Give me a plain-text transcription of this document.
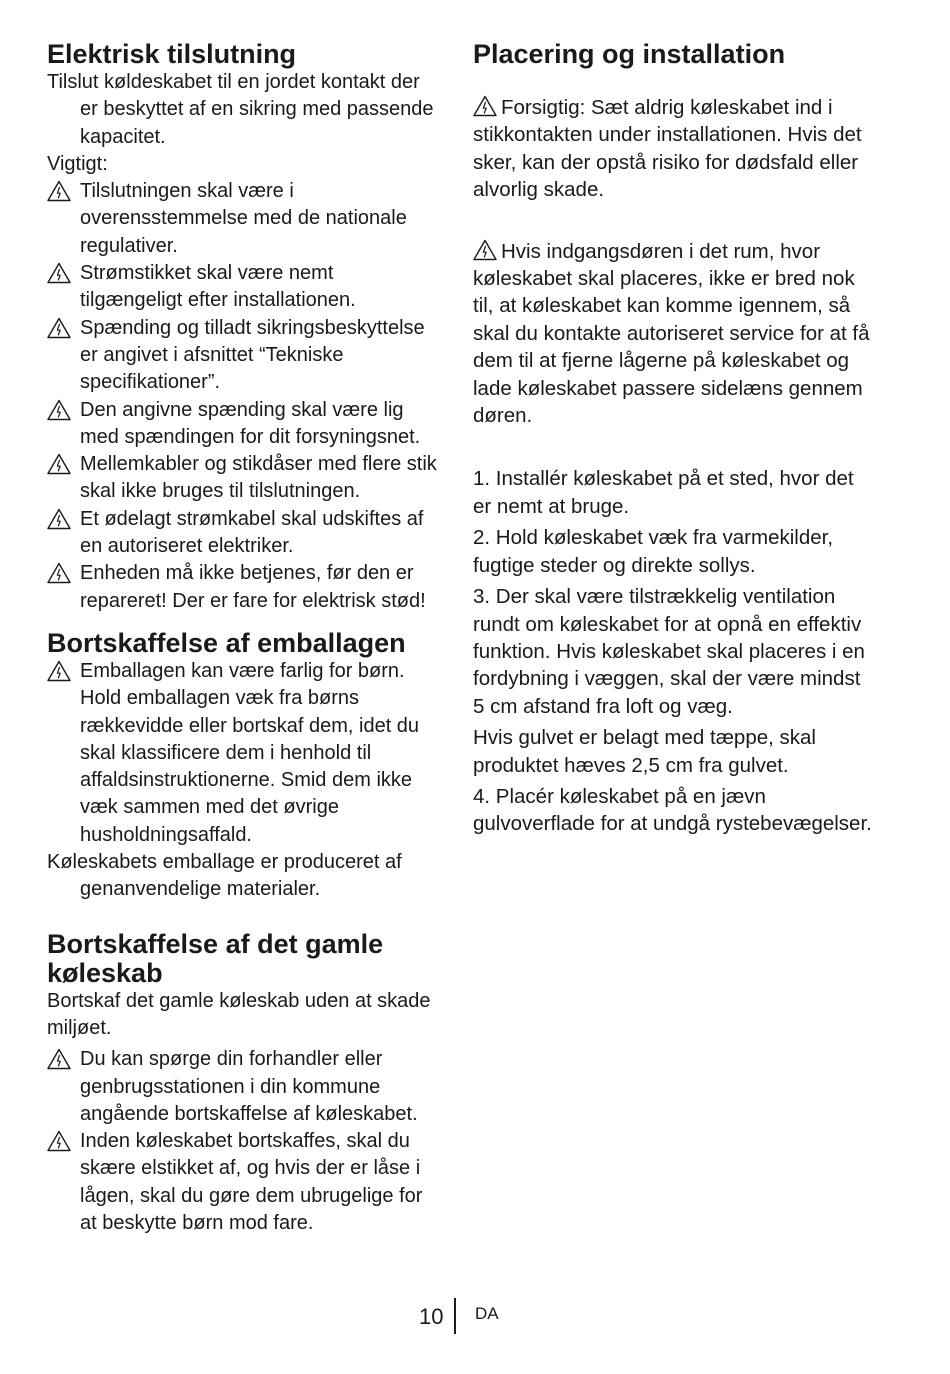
Elektrisk tilslutning

Tilslut køldeskabet til en jordet kontakt der er beskyttet af en sikring med passende kapacitet.

Vigtigt:

Tilslutningen skal være i overensstemmelse med de nationale regulativer.
Strømstikket skal være nemt tilgængeligt efter installationen.
Spænding og tilladt sikringsbeskyttelse er angivet i afsnittet “Tekniske specifikationer”.
Den angivne spænding skal være lig med spændingen for dit forsyningsnet.
Mellemkabler og stikdåser med flere stik skal ikke bruges til tilslutningen.
Et ødelagt strømkabel skal udskiftes af en autoriseret elektriker.
Enheden må ikke betjenes, før den er repareret! Der er fare for elektrisk stød!
Bortskaffelse af emballagen
Emballagen kan være farlig for børn. Hold emballagen væk fra børns rækkevidde eller bortskaf dem, idet du skal klassificere dem i henhold til affaldsinstruktionerne. Smid dem ikke væk sammen med det øvrige husholdningsaffald.

Køleskabets emballage er produceret af genanvendelige materialer.

Bortskaffelse af det gamle køleskab

Bortskaf det gamle køleskab uden at skade miljøet.

Du kan spørge din forhandler eller genbrugsstationen i din kommune angående bortskaffelse af køleskabet.
Inden køleskabet bortskaffes, skal du skære elstikket af, og hvis der er låse i lågen, skal du gøre dem ubrugelige for at beskytte børn mod fare.
Placering og installation

Forsigtig: Sæt aldrig køleskabet ind i stikkontakten under installationen. Hvis det sker, kan der opstå risiko for dødsfald eller alvorlig skade.

Hvis indgangsdøren i det rum, hvor køleskabet skal placeres, ikke er bred nok til, at køleskabet kan komme igennem, så skal du kontakte autoriseret service for at få dem til at fjerne lågerne på køleskabet og lade køleskabet passere sidelæns gennem døren.

1. Installér køleskabet på et sted, hvor det er nemt at bruge.

2. Hold køleskabet væk fra varmekilder, fugtige steder og direkte sollys.

3. Der skal være tilstrækkelig ventilation rundt om køleskabet for at opnå en effektiv funktion. Hvis køleskabet skal placeres i en fordybning i væggen, skal der være mindst 5 cm afstand fra loft og væg.

Hvis gulvet er belagt med tæppe, skal produktet hæves 2,5 cm fra gulvet.

4. Placér køleskabet på en jævn gulvoverflade for at undgå rystebevægelser.

10 DA
